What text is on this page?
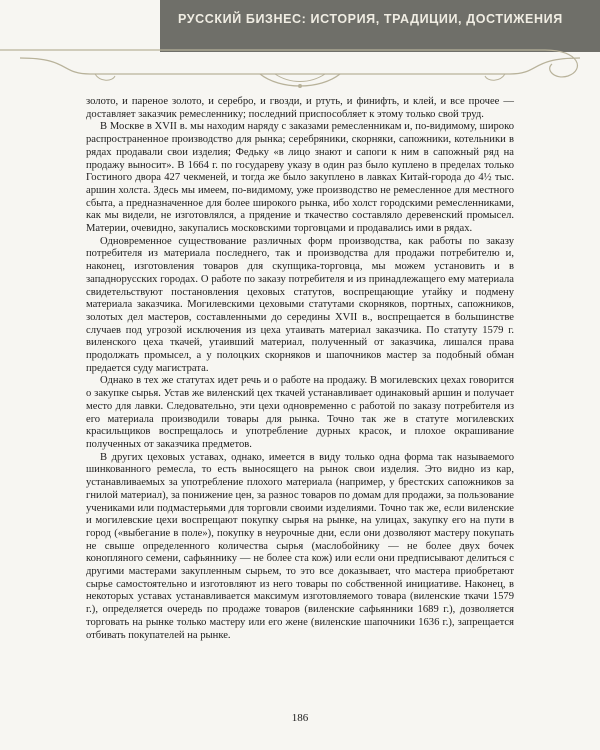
РУССКИЙ БИЗНЕС: ИСТОРИЯ, ТРАДИЦИИ, ДОСТИЖЕНИЯ

золото, и пареное золото, и серебро, и гвозди, и ртуть, и финифть, и клей, и все прочее — доставляет заказчик ремесленнику; последний приспособляет к этому только свой труд.

В Москве в XVII в. мы находим наряду с заказами ремесленникам и, по-видимому, широко распространенное производство для рынка; серебряники, скорняки, сапожники, котельники в рядах продавали свои изделия; Федьку «в лицо знают и сапоги к ним в сапожный ряд на продажу выносит». В 1664 г. по государеву указу в один раз было куплено в пределах только Гостиного двора 427 чекменей, и тогда же было закуплено в лавках Китай-города до 4½ тыс. аршин холста. Здесь мы имеем, по-видимому, уже производство не ремесленное для местного сбыта, а предназначенное для более широкого рынка, ибо холст городскими ремесленниками, как мы видели, не изготовлялся, а прядение и ткачество составляло деревенский промысел. Материи, очевидно, закупались московскими торговцами и продавались ими в рядах.

Одновременное существование различных форм производства, как работы по заказу потребителя из материала последнего, так и производства для продажи потребителю и, наконец, изготовления товаров для скупщика-торговца, мы можем установить и в западнорусских городах. О работе по заказу потребителя и из принадлежащего ему материала свидетельствуют постановления цеховых статутов, воспрещающие утайку и подмену материала заказчика. Могилевскими цеховыми статутами скорняков, портных, сапожников, золотых дел мастеров, составленными до середины XVII в., воспрещается в большинстве случаев под угрозой исключения из цеха утаивать материал заказчика. По статуту 1579 г. виленского цеха ткачей, утаивший материал, полученный от заказчика, лишался права продолжать промысел, а у полоцких скорняков и шапочников мастер за подобный обман предается суду магистрата.

Однако в тех же статутах идет речь и о работе на продажу. В могилевских цехах говорится о закупке сырья. Устав же виленский цех ткачей устанавливает одинаковый аршин и получает место для лавки. Следовательно, эти цехи одновременно с работой по заказу потребителя из его материала производили товары для рынка. Точно так же в статуте могилевских красильщиков воспрещалось и употребление дурных красок, и плохое окрашивание полученных от заказчика предметов.

В других цеховых уставах, однако, имеется в виду только одна форма так называемого шинкованного ремесла, то есть выносящего на рынок свои изделия. Это видно из кар, устанавливаемых за употребление плохого материала (например, у брестских сапожников за гнилой материал), за понижение цен, за разнос товаров по домам для продажи, за пользование учениками или подмастерьями для торговли своими изделиями. Точно так же, если виленские и могилевские цехи воспрещают покупку сырья на рынке, на улицах, закупку его на пути в город («выбегание в поле»), покупку в неурочные дни, если они дозволяют мастеру покупать не свыше определенного количества сырья (маслобойнику — не более двух бочек конопляного семени, сафьяннику — не более ста кож) или если они предписывают делиться с другими мастерами закупленным сырьем, то это все доказывает, что мастера приобретают сырье самостоятельно и изготовляют из него товары по собственной инициативе. Наконец, в некоторых уставах устанавливается максимум изготовляемого товара (виленские ткачи 1579 г.), определяется очередь по продаже товаров (виленские сафьянники 1689 г.), дозволяется торговать на рынке только мастеру или его жене (виленские шапочники 1636 г.), запрещается отбивать покупателей на рынке.

186
